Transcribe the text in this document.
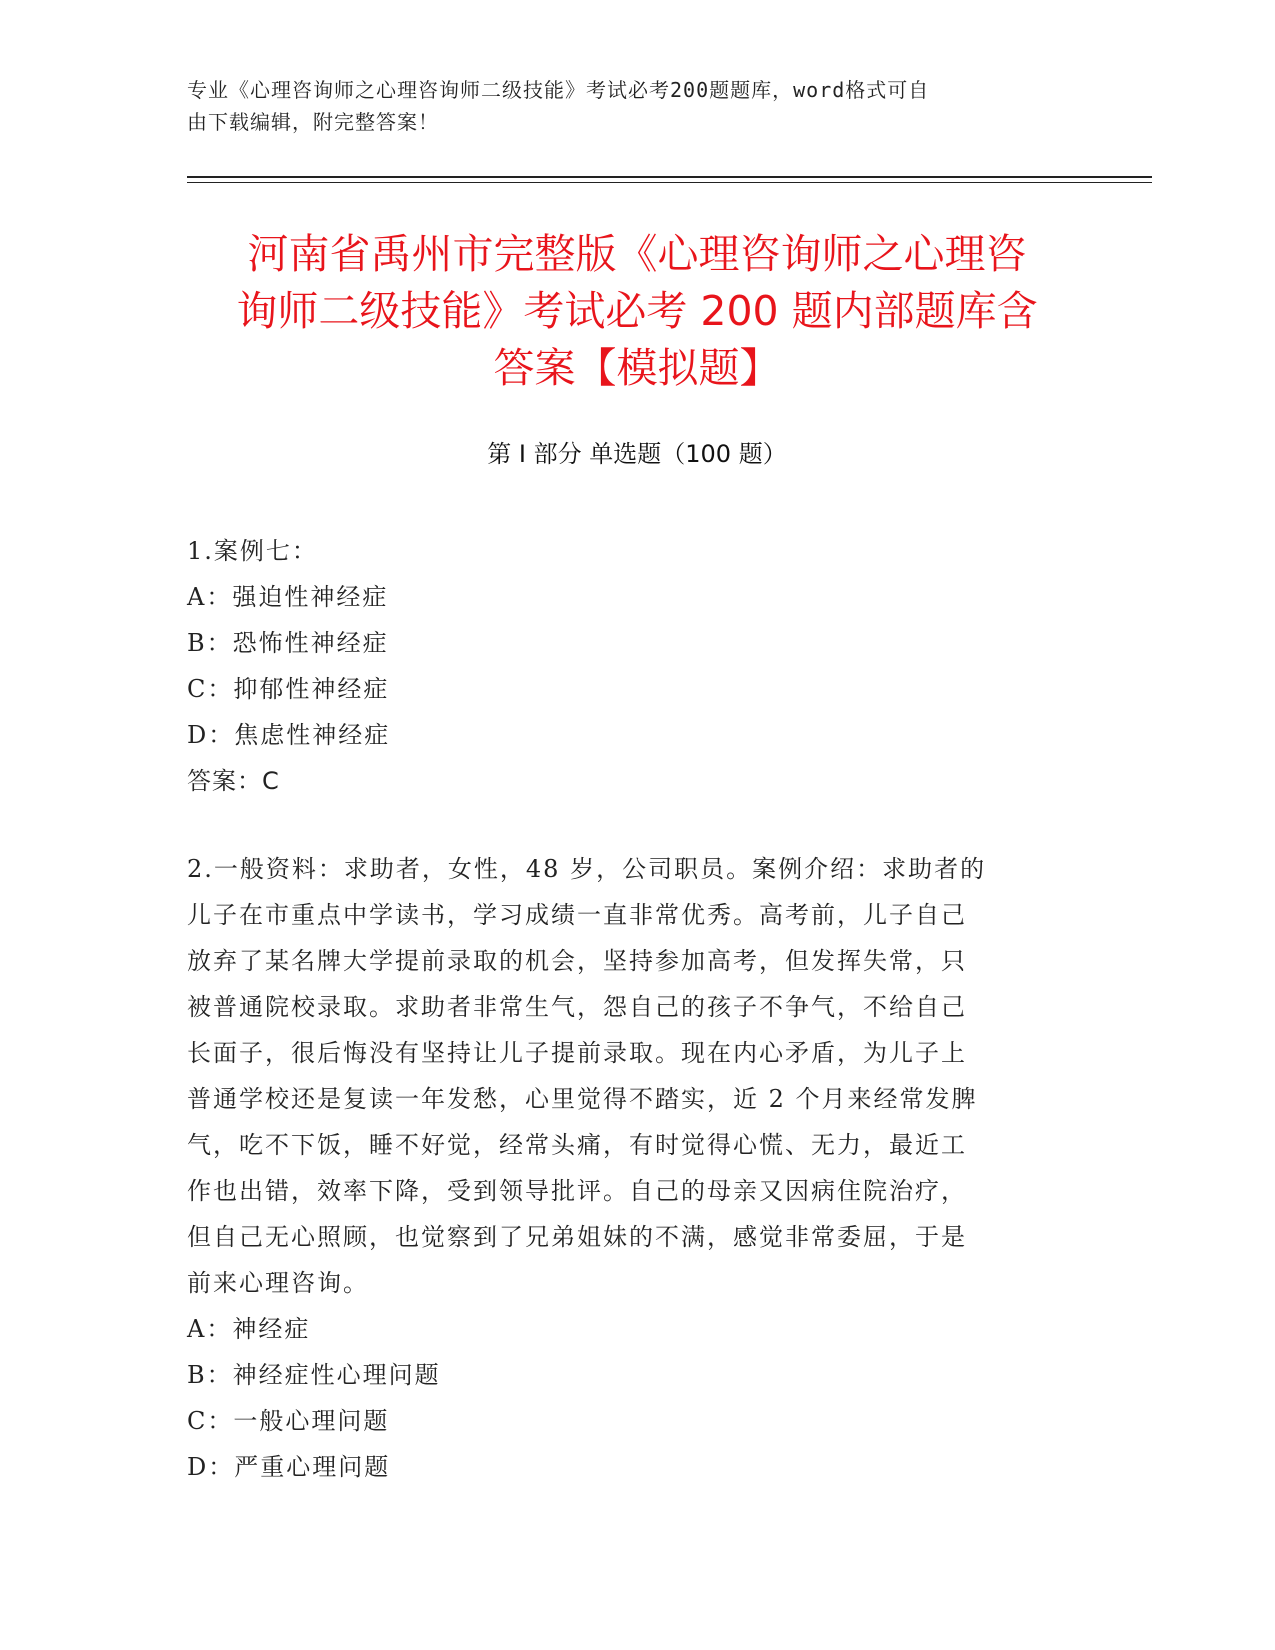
专业《心理咨询师之心理咨询师二级技能》考试必考200题题库，word格式可自
由下载编辑，附完整答案！
河南省禹州市完整版《心理咨询师之心理咨
询师二级技能》考试必考 200 题内部题库含
答案【模拟题】
第 I 部分 单选题（100 题）
1.案例七：
A：强迫性神经症
B：恐怖性神经症
C：抑郁性神经症
D：焦虑性神经症
答案：C
2.一般资料：求助者，女性，48 岁，公司职员。案例介绍：求助者的
儿子在市重点中学读书，学习成绩一直非常优秀。高考前，儿子自己
放弃了某名牌大学提前录取的机会，坚持参加高考，但发挥失常，只
被普通院校录取。求助者非常生气，怨自己的孩子不争气，不给自己
长面子，很后悔没有坚持让儿子提前录取。现在内心矛盾，为儿子上
普通学校还是复读一年发愁，心里觉得不踏实，近 2 个月来经常发脾
气，吃不下饭，睡不好觉，经常头痛，有时觉得心慌、无力，最近工
作也出错，效率下降，受到领导批评。自己的母亲又因病住院治疗，
但自己无心照顾，也觉察到了兄弟姐妹的不满，感觉非常委屈，于是
前来心理咨询。
A：神经症
B：神经症性心理问题
C：一般心理问题
D：严重心理问题
